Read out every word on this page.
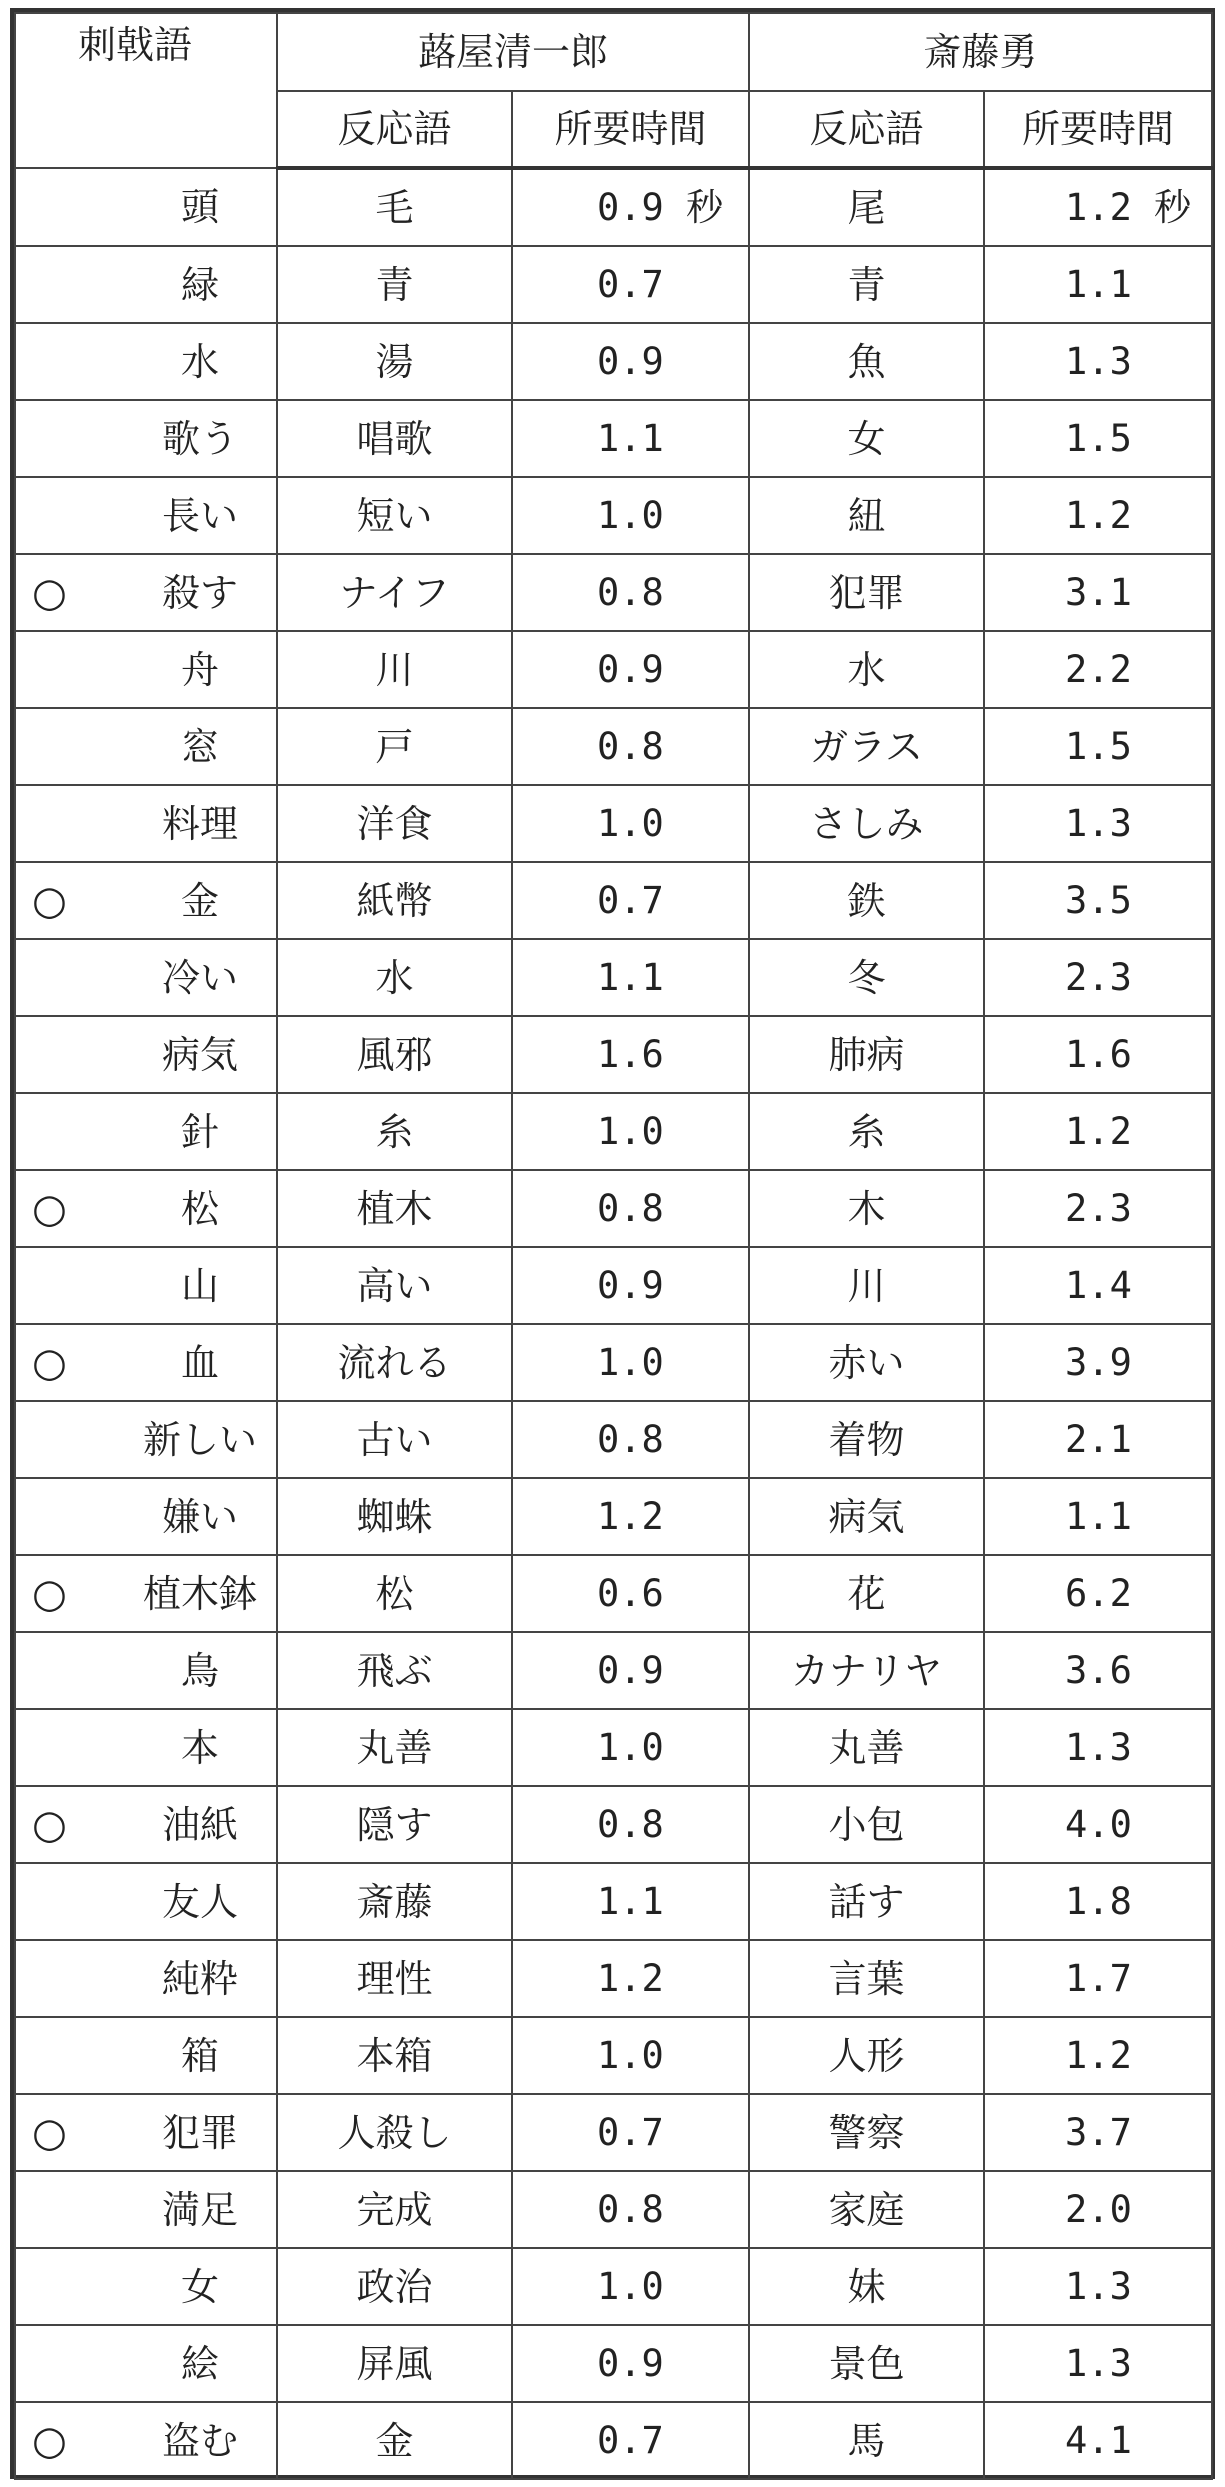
刺戟語	蕗屋清一郎		斎藤勇	
	反応語	所要時間	反応語	所要時間

頭	毛	0.9 秒	尾	1.2 秒

緑	青	0.7	青	1.1

水	湯	0.9	魚	1.3

歌う	唱歌	1.1	女	1.5

長い	短い	1.0	紐	1.2

○ 殺す	ナイフ	0.8	犯罪	3.1

舟	川	0.9	水	2.2

窓	戸	0.8	ガラス	1.5

料理	洋食	1.0	さしみ	1.3

○ 金	紙幣	0.7	鉄	3.5

冷い	水	1.1	冬	2.3

病気	風邪	1.6	肺病	1.6

針	糸	1.0	糸	1.2

○ 松	植木	0.8	木	2.3

山	高い	0.9	川	1.4

○ 血	流れる	1.0	赤い	3.9

新しい	古い	0.8	着物	2.1

嫌い	蜘蛛	1.2	病気	1.1

○ 植木鉢	松	0.6	花	6.2

鳥	飛ぶ	0.9	カナリヤ	3.6

本	丸善	1.0	丸善	1.3

○ 油紙	隠す	0.8	小包	4.0

友人	斎藤	1.1	話す	1.8

純粋	理性	1.2	言葉	1.7

箱	本箱	1.0	人形	1.2

○ 犯罪	人殺し	0.7	警察	3.7

満足	完成	0.8	家庭	2.0

女	政治	1.0	妹	1.3

絵	屏風	0.9	景色	1.3

○ 盗む	金	0.7	馬	4.1
